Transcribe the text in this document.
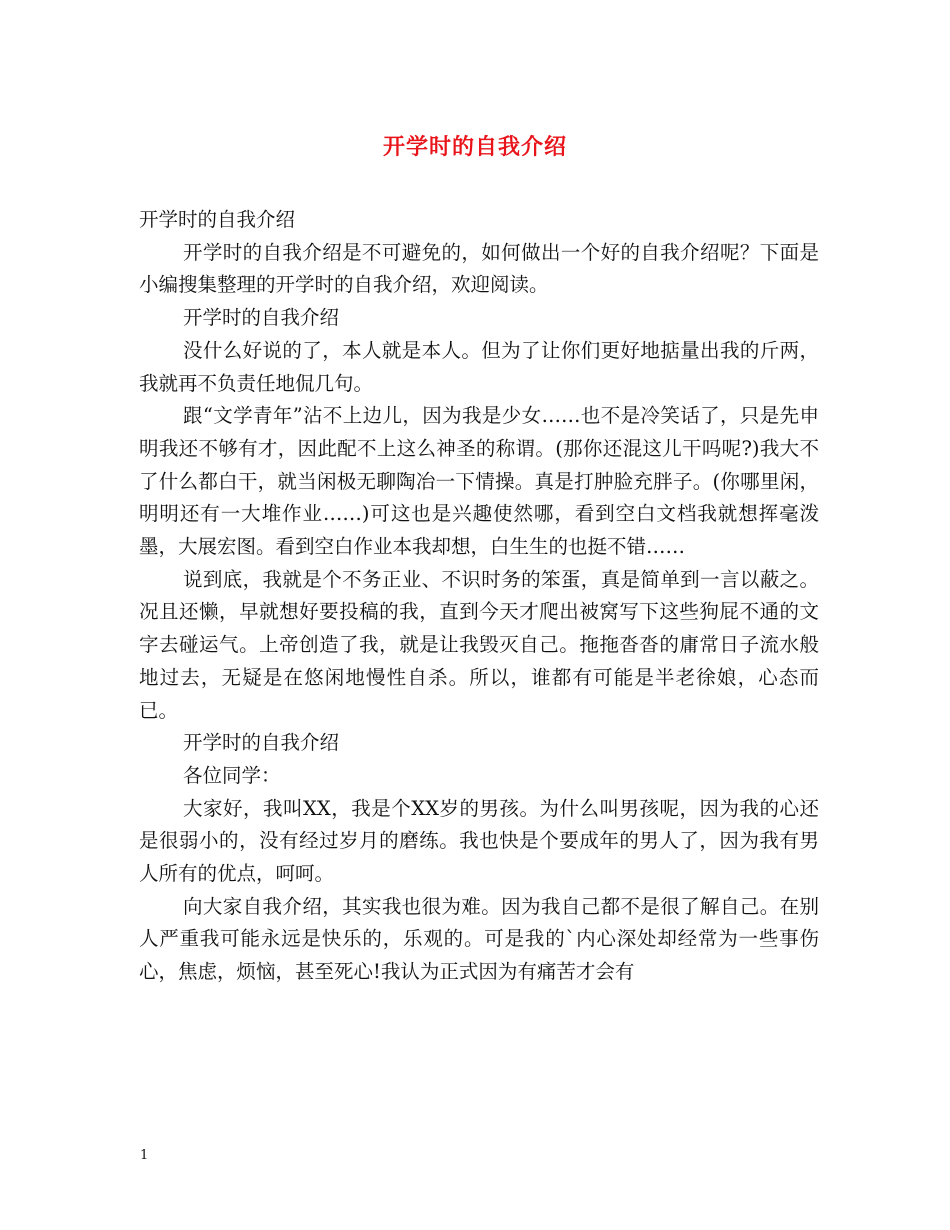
开学时的自我介绍

开学时的自我介绍

开学时的自我介绍是不可避免的，如何做出一个好的自我介绍呢？下面是小编搜集整理的开学时的自我介绍，欢迎阅读。

开学时的自我介绍

没什么好说的了，本人就是本人。但为了让你们更好地掂量出我的斤两，我就再不负责任地侃几句。

跟“文学青年”沾不上边儿，因为我是少女……也不是冷笑话了，只是先申明我还不够有才，因此配不上这么神圣的称谓。(那你还混这儿干吗呢?)我大不了什么都白干，就当闲极无聊陶冶一下情操。真是打肿脸充胖子。(你哪里闲，明明还有一大堆作业……)可这也是兴趣使然哪，看到空白文档我就想挥毫泼墨，大展宏图。看到空白作业本我却想，白生生的也挺不错……

说到底，我就是个不务正业、不识时务的笨蛋，真是简单到一言以蔽之。况且还懒，早就想好要投稿的我，直到今天才爬出被窝写下这些狗屁不通的文字去碰运气。上帝创造了我，就是让我毁灭自己。拖拖沓沓的庸常日子流水般地过去，无疑是在悠闲地慢性自杀。所以，谁都有可能是半老徐娘，心态而已。

开学时的自我介绍

各位同学：

大家好，我叫XX，我是个XX岁的男孩。为什么叫男孩呢，因为我的心还是很弱小的，没有经过岁月的磨练。我也快是个要成年的男人了，因为我有男人所有的优点，呵呵。

向大家自我介绍，其实我也很为难。因为我自己都不是很了解自己。在别人严重我可能永远是快乐的，乐观的。可是我的`内心深处却经常为一些事伤心，焦虑，烦恼，甚至死心!我认为正式因为有痛苦才会有

1
